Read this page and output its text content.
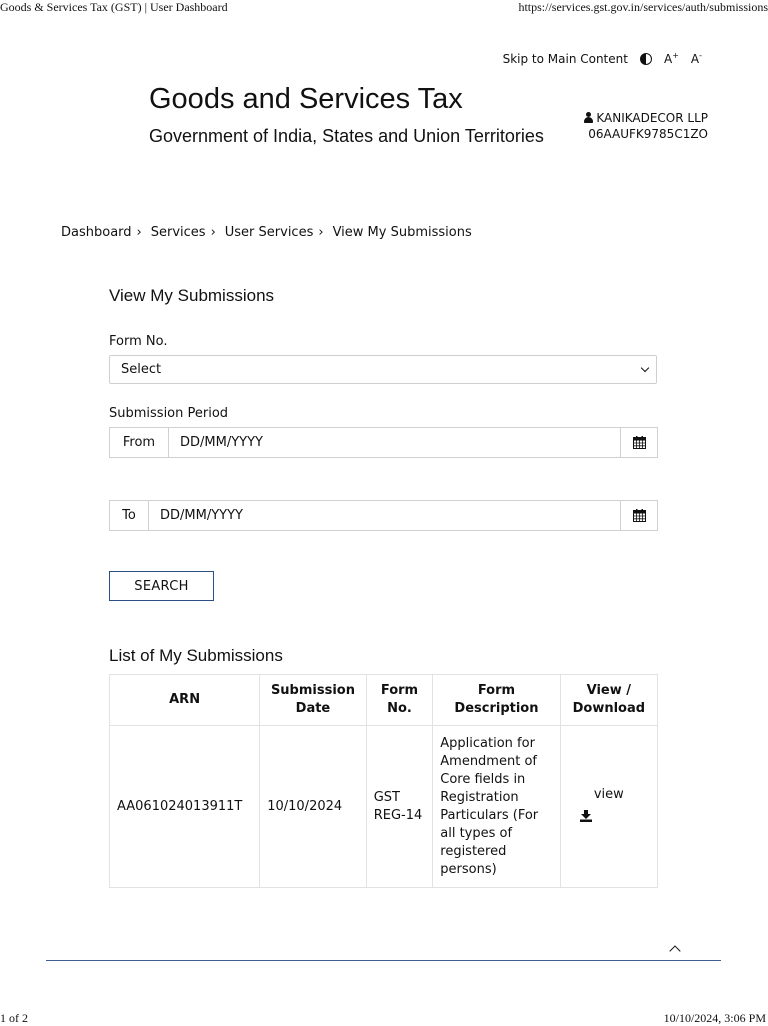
Goods & Services Tax (GST) | User Dashboard	https://services.gst.gov.in/services/auth/submissions
Skip to Main Content	A+ A-
Goods and Services Tax
Government of India, States and Union Territories
KANIKADECOR LLP
06AAUFK9785C1ZO
Dashboard › Services › User Services › View My Submissions
View My Submissions
Form No.
Select
Submission Period
From
DD/MM/YYYY
To
DD/MM/YYYY
SEARCH
List of My Submissions
ARN	Submission Date	Form No.	Form Description	View / Download
AA061024013911T	10/10/2024	GST REG-14	Application for Amendment of Core fields in Registration Particulars (For all types of registered persons)	view
1 of 2	10/10/2024, 3:06 PM
